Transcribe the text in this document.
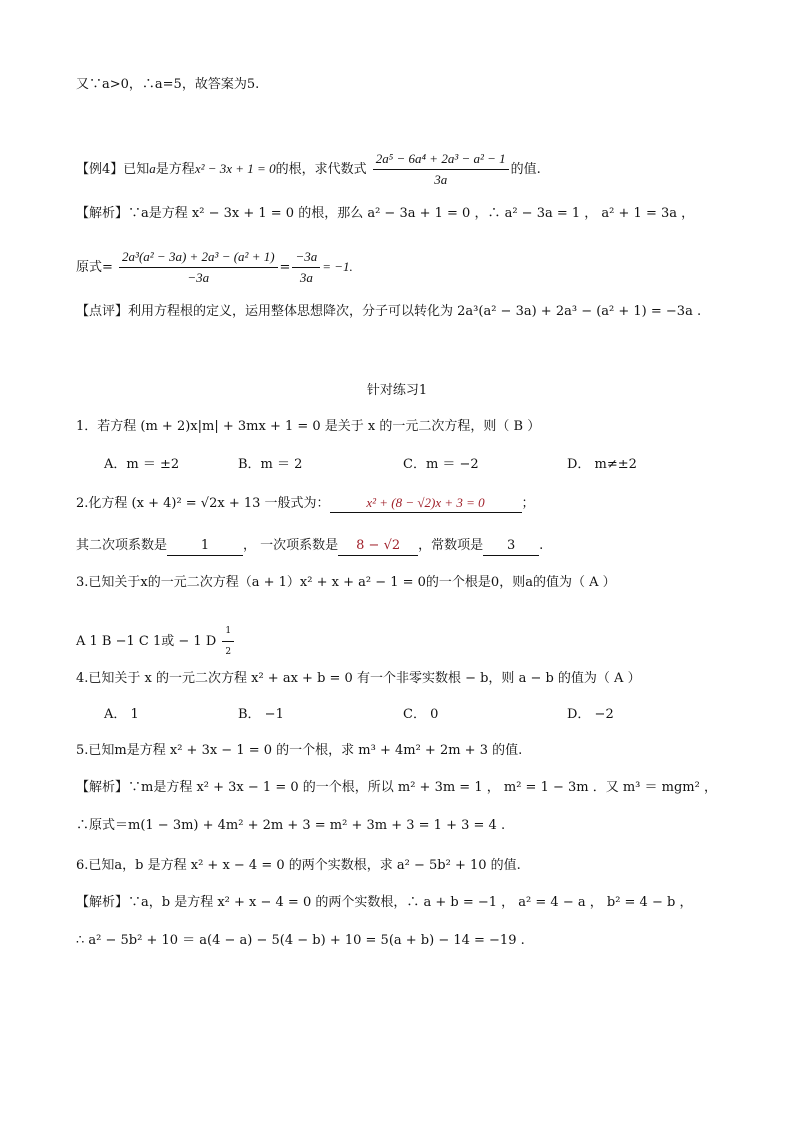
又∵a>0，∴a=5，故答案为5.
【例4】已知a是方程x² − 3x + 1 = 0的根，求代数式 $\frac{\text{2a⁵ − 6a⁴ + 2a³ − a² − 1}}{3a}$ 的值.
【解析】∵a是方程 x² − 3x + 1 = 0 的根，那么 a² − 3a + 1 = 0 ，∴ a² − 3a = 1 ， a² + 1 = 3a ，
原式= $\frac{\text{2a³(a² − 3a) + 2a³ − (a² + 1)}}{-3a} = \frac{-3a}{3a} = -1$.
【点评】利用方程根的定义，运用整体思想降次，分子可以转化为 2a³(a² − 3a) + 2a³ − (a² + 1) = −3a .
针对练习1
1．若方程 (m + 2)x|m| + 3mx + 1 = 0 是关于 x 的一元二次方程，则（ B ）
A．m ＝ ±2	B．m ＝ 2	C．m ＝ −2	D． m≠±2
2.化方程 (x + 4)² = √2x + 13 一般式为：	x² + (8 − √2)x + 3 = 0	；
其二次项系数是	1	， 一次项系数是 8 − √2 ，常数项是 3 .
3.已知关于x的一元二次方程（a + 1）x² + x + a² − 1 = 0的一个根是0，则a的值为（ A ）
A 1 B −1 C 1或 − 1 D $\frac{1}{2}$
4.已知关于 x 的一元二次方程 x² + ax + b = 0 有一个非零实数根 − b，则 a − b 的值为（ A ）
A． 1	B． −1	C． 0	D． −2
5.已知m是方程 x² + 3x − 1 = 0 的一个根，求 m³ + 4m² + 2m + 3 的值.
【解析】∵m是方程 x² + 3x − 1 = 0 的一个根，所以 m² + 3m = 1 ， m² = 1 − 3m ．又 m³ ＝ mgm² ，
∴原式＝m(1 − 3m) + 4m² + 2m + 3 = m² + 3m + 3 = 1 + 3 = 4 .
6.已知a，b 是方程 x² + x − 4 = 0 的两个实数根，求 a² − 5b² + 10 的值.
【解析】∵a，b 是方程 x² + x − 4 = 0 的两个实数根，∴ a + b = −1 ， a² = 4 − a ， b² = 4 − b ，
∴ a² − 5b² + 10 ＝ a(4 − a) − 5(4 − b) + 10 = 5(a + b) − 14 = −19 .
